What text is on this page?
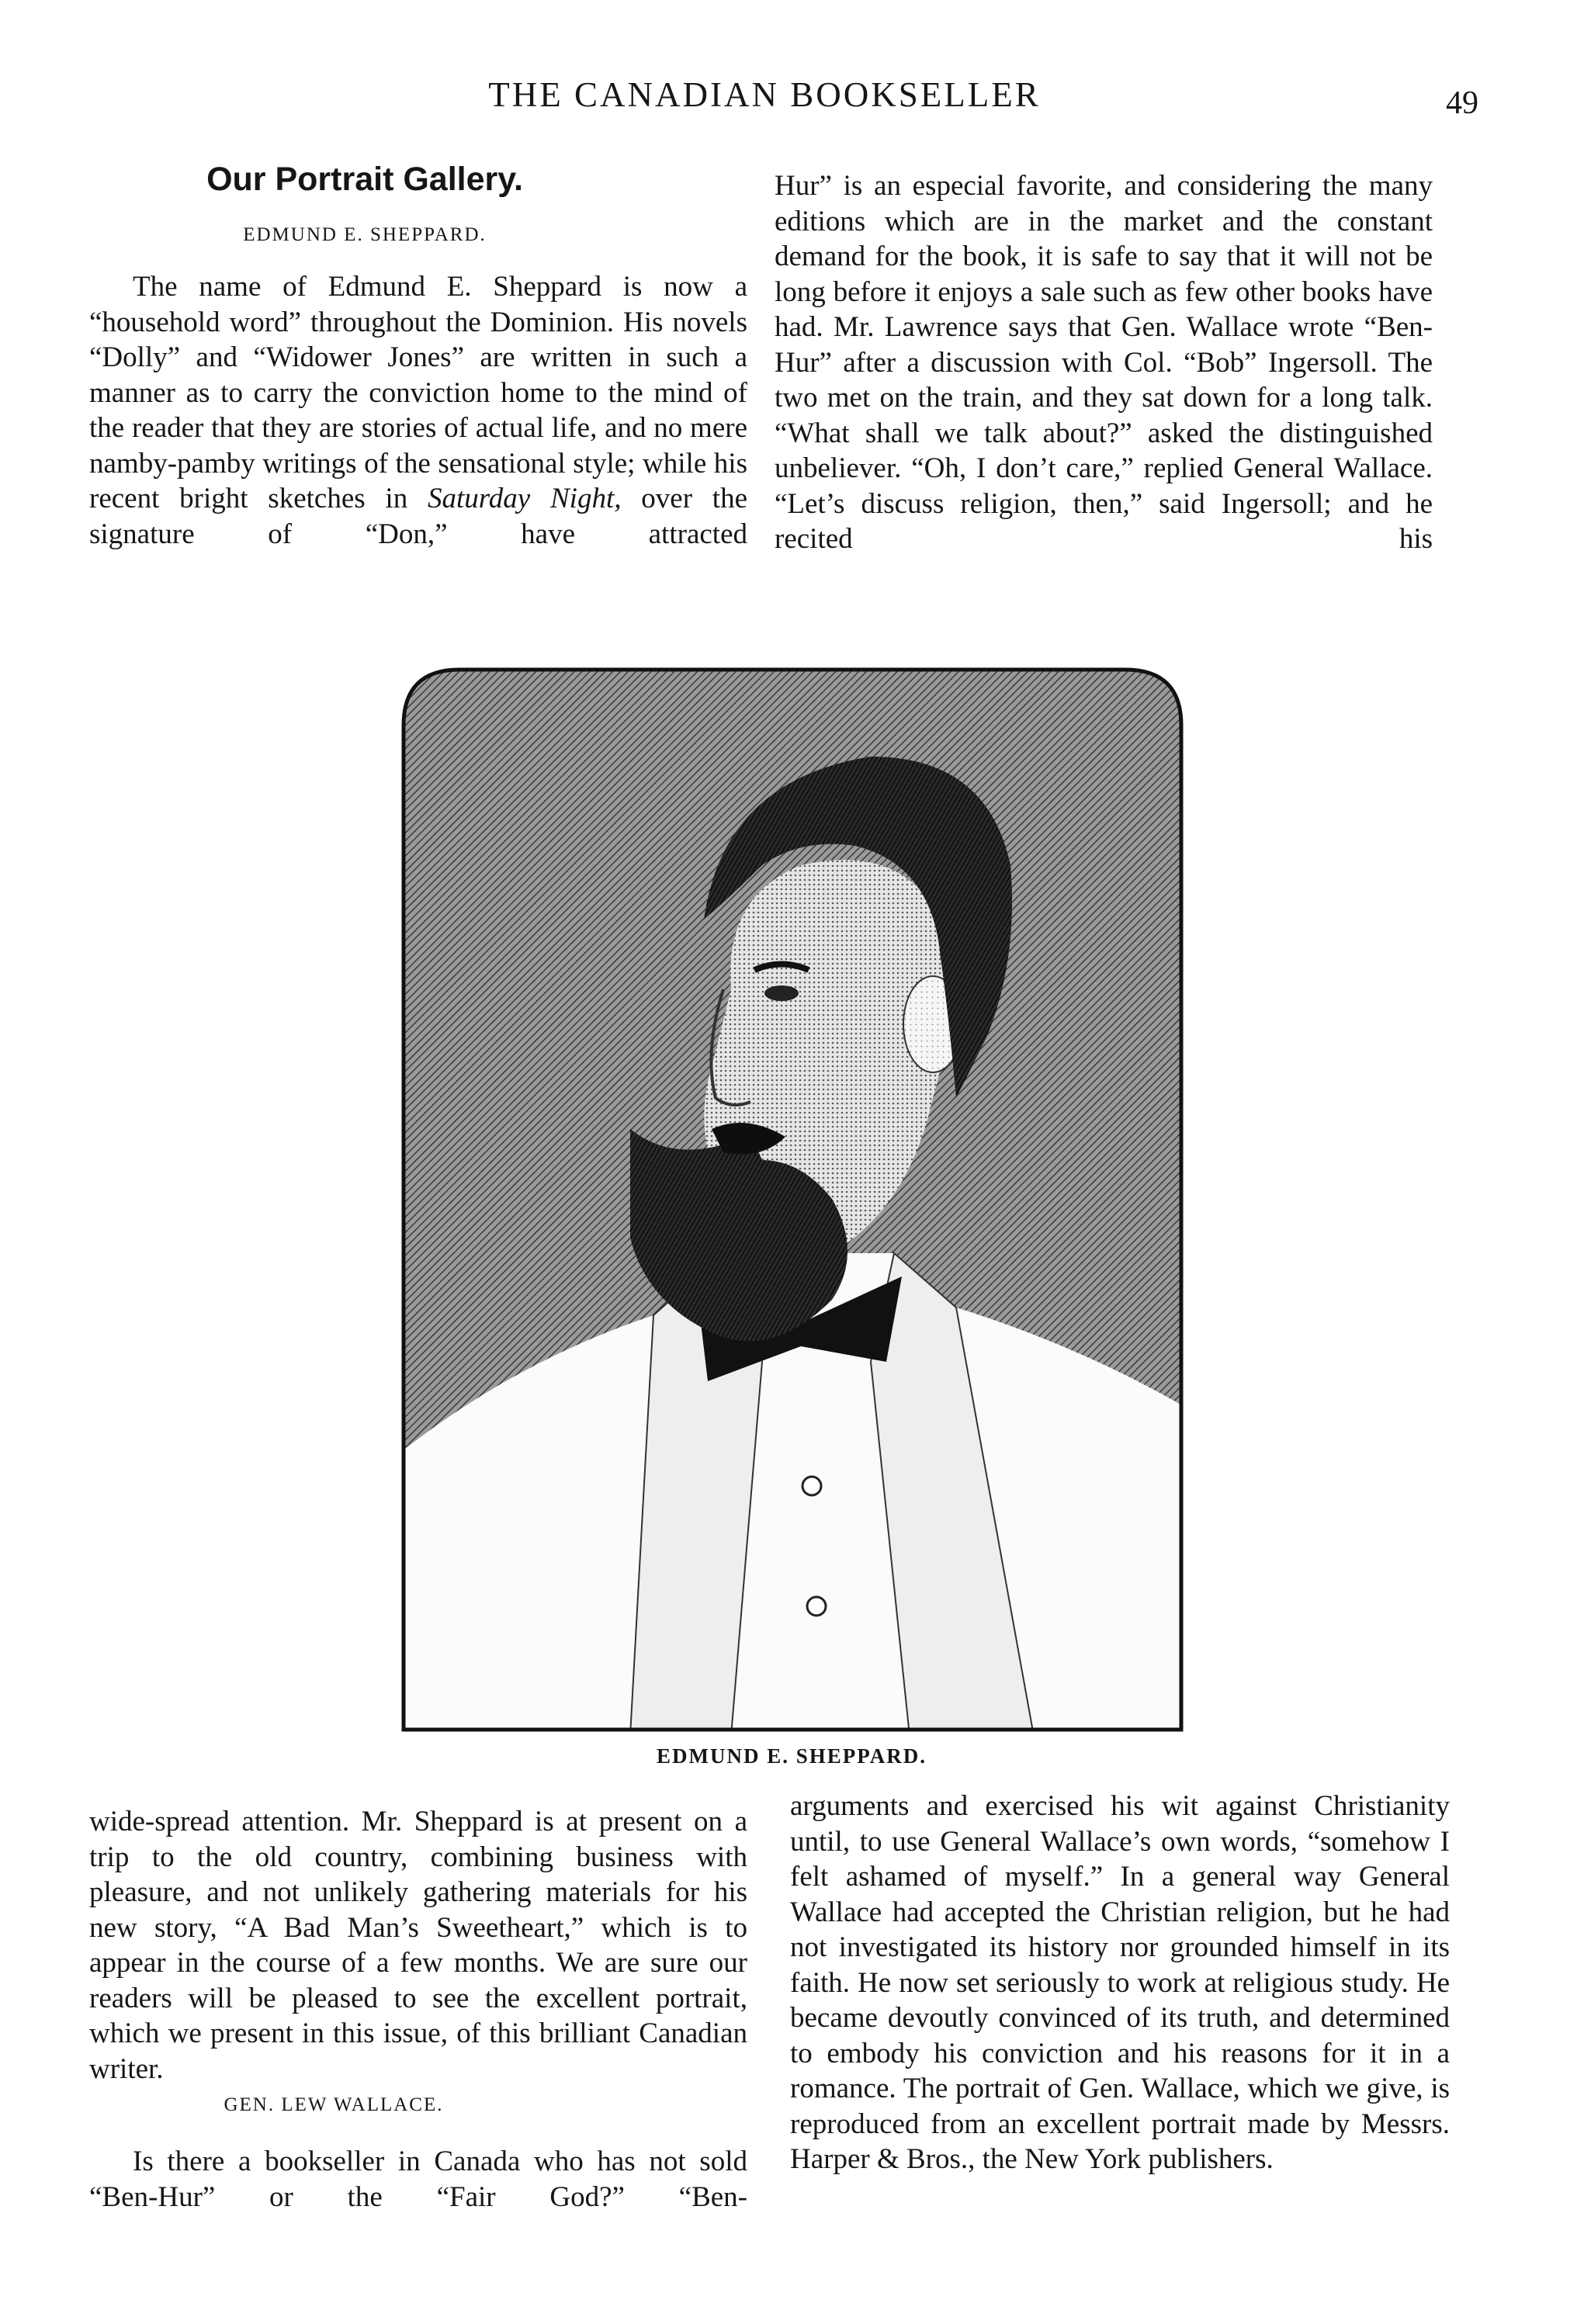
THE CANADIAN BOOKSELLER	49
Our Portrait Gallery.
EDMUND E. SHEPPARD.

The name of Edmund E. Sheppard is now a “household word” throughout the Dominion. His novels “Dolly” and “Widower Jones” are written in such a manner as to carry the conviction home to the mind of the reader that they are stories of actual life, and no mere namby-pamby writings of the sensational style; while his recent bright sketches in Saturday Night, over the signature of “Don,” have attracted

Hur” is an especial favorite, and considering the many editions which are in the market and the constant demand for the book, it is safe to say that it will not be long before it enjoys a sale such as few other books have had. Mr. Lawrence says that Gen. Wallace wrote “Ben-Hur” after a discussion with Col. “Bob” Ingersoll. The two met on the train, and they sat down for a long talk. “What shall we talk about?” asked the distinguished unbeliever. “Oh, I don’t care,” replied General Wallace. “Let’s discuss religion, then,” said Ingersoll; and he recited his

EDMUND E. SHEPPARD.

wide-spread attention. Mr. Sheppard is at present on a trip to the old country, combining business with pleasure, and not unlikely gathering materials for his new story, “A Bad Man’s Sweetheart,” which is to appear in the course of a few months. We are sure our readers will be pleased to see the excellent portrait, which we present in this issue, of this brilliant Canadian writer.

GEN. LEW WALLACE.

Is there a bookseller in Canada who has not sold “Ben-Hur” or the “Fair God?” “Ben-

arguments and exercised his wit against Christianity until, to use General Wallace’s own words, “somehow I felt ashamed of myself.” In a general way General Wallace had accepted the Christian religion, but he had not investigated its history nor grounded himself in its faith. He now set seriously to work at religious study. He became devoutly convinced of its truth, and determined to embody his conviction and his reasons for it in a romance. The portrait of Gen. Wallace, which we give, is reproduced from an excellent portrait made by Messrs. Harper & Bros., the New York publishers.
